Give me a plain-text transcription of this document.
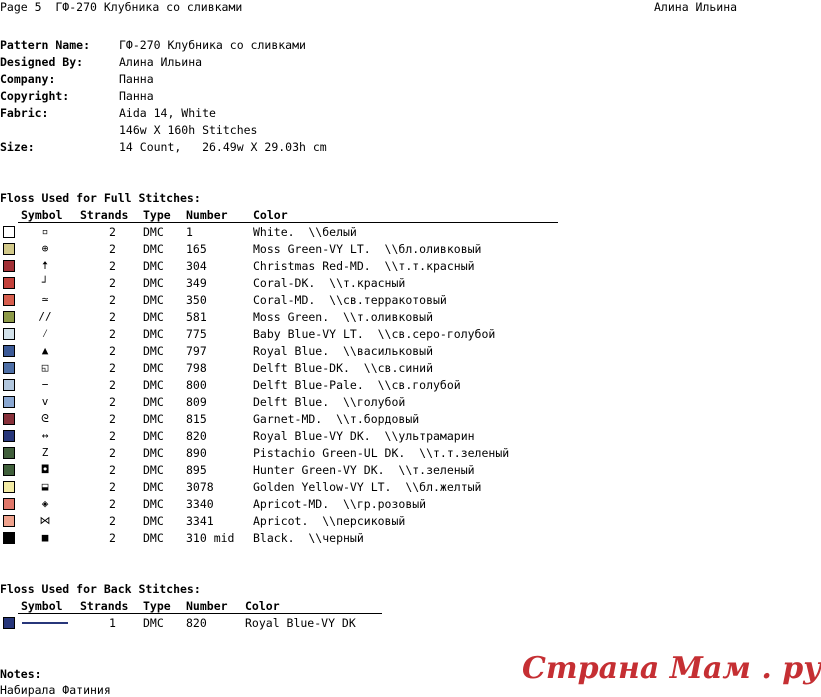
Page 5  ГФ-270 Клубника со сливками	Алина Ильина
Pattern Name:	ГФ-270 Клубника со сливками
Designed By:	Алина Ильина
Company:	Панна
Copyright:	Панна
Fabric:	Aida 14, White
146w X 160h Stitches
Size:	14 Count,   26.49w X 29.03h cm
Floss Used for Full Stitches:
Symbol Strands Type Number Color
▫	2 DMC 1	White.  \\белый
⊕	2 DMC 165	Moss Green-VY LT.  \\бл.оливковый
🠅	2 DMC 304	Christmas Red-MD.  \\т.т.красный
┘	2 DMC 349	Coral-DK.  \\т.красный
≃	2 DMC 350	Coral-MD.  \\св.терракотовый
//	2 DMC 581	Moss Green.  \\т.оливковый
⁄	2 DMC 775	Baby Blue-VY LT.  \\св.серо-голубой
▲	2 DMC 797	Royal Blue.  \\васильковый
◱	2 DMC 798	Delft Blue-DK.  \\св.синий
−	2 DMC 800	Delft Blue-Pale.  \\св.голубой
v	2 DMC 809	Delft Blue.  \\голубой
ᘓ	2 DMC 815	Garnet-MD.  \\т.бордовый
↔	2 DMC 820	Royal Blue-VY DK.  \\ультрамарин
Z	2 DMC 890	Pistachio Green-UL DK.  \\т.т.зеленый
◘	2 DMC 895	Hunter Green-VY DK.  \\т.зеленый
⬓	2 DMC 3078	Golden Yellow-VY LT.  \\бл.желтый
◈	2 DMC 3340	Apricot-MD.  \\гр.розовый
⋈	2 DMC 3341	Apricot.  \\персиковый
■	2 DMC 310 mid Black.  \\черный
Floss Used for Back Stitches:
Symbol Strands Type Number Color
1 DMC 820	Royal Blue-VY DK
Notes:
Набирала Фатиния
Страна Мам . ру
